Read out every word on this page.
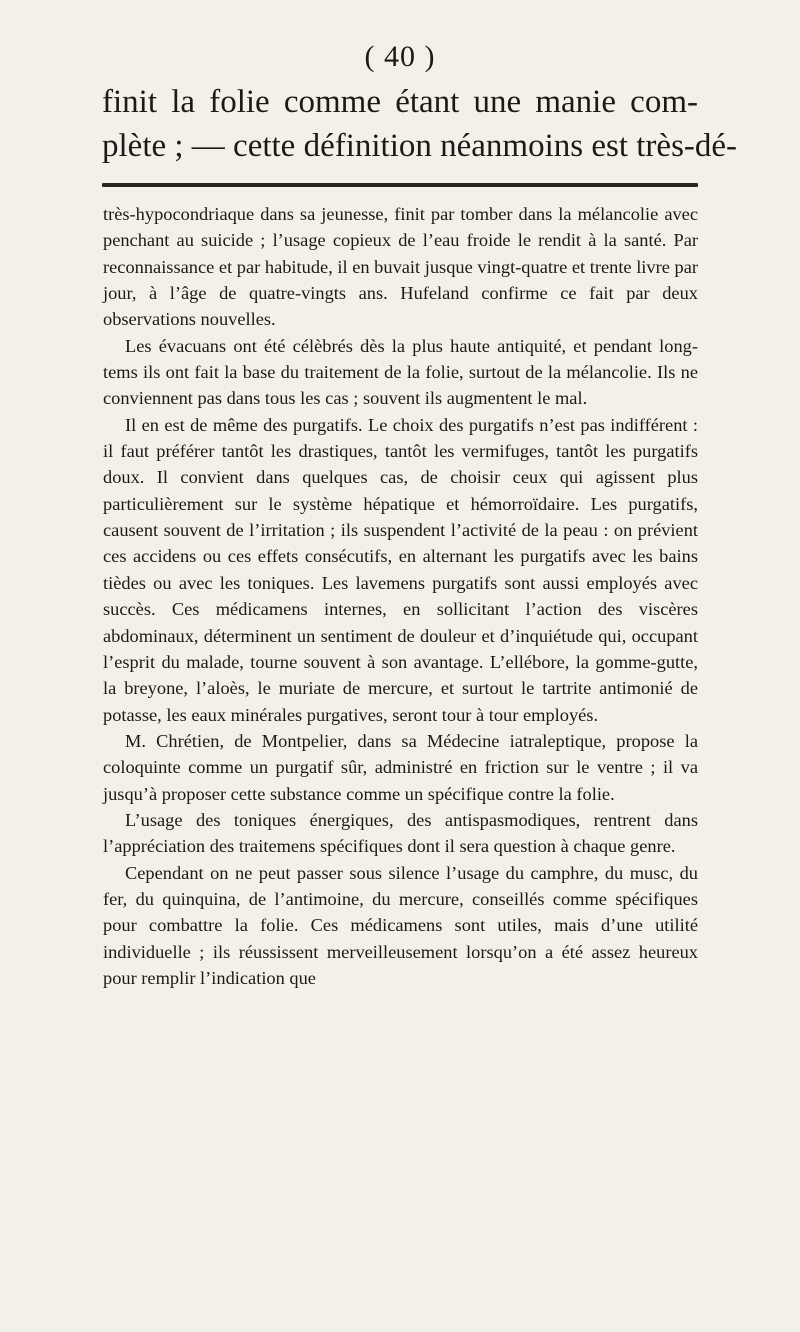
( 40 )

finit la folie comme étant une manie com-

plète ; — cette définition néanmoins est très-dé-

très-hypocondriaque dans sa jeunesse, finit par tomber dans la mélancolie avec penchant au suicide ; l’usage copieux de l’eau froide le rendit à la santé. Par reconnaissance et par habitude, il en buvait jusque vingt-quatre et trente livre par jour, à l’âge de quatre-vingts ans. Hufeland confirme ce fait par deux observations nouvelles.

Les évacuans ont été célèbrés dès la plus haute antiquité, et pendant long-tems ils ont fait la base du traitement de la folie, surtout de la mélancolie. Ils ne conviennent pas dans tous les cas ; souvent ils augmentent le mal.

Il en est de même des purgatifs. Le choix des purgatifs n’est pas indifférent : il faut préférer tantôt les drastiques, tantôt les vermifuges, tantôt les purgatifs doux. Il convient dans quelques cas, de choisir ceux qui agissent plus particulièrement sur le système hépatique et hémorroïdaire. Les purgatifs, causent souvent de l’irritation ; ils suspendent l’activité de la peau : on prévient ces accidens ou ces effets consécutifs, en alternant les purgatifs avec les bains tièdes ou avec les toniques. Les lavemens purgatifs sont aussi employés avec succès. Ces médicamens internes, en sollicitant l’action des viscères abdominaux, déterminent un sentiment de douleur et d’inquiétude qui, occupant l’esprit du malade, tourne souvent à son avantage. L’ellébore, la gomme-gutte, la breyone, l’aloès, le muriate de mercure, et surtout le tartrite antimonié de potasse, les eaux minérales purgatives, seront tour à tour employés.

M. Chrétien, de Montpelier, dans sa Médecine iatraleptique, propose la coloquinte comme un purgatif sûr, administré en friction sur le ventre ; il va jusqu’à proposer cette substance comme un spécifique contre la folie.

L’usage des toniques énergiques, des antispasmodiques, rentrent dans l’appréciation des traitemens spécifiques dont il sera question à chaque genre.

Cependant on ne peut passer sous silence l’usage du camphre, du musc, du fer, du quinquina, de l’antimoine, du mercure, conseillés comme spécifiques pour combattre la folie. Ces médicamens sont utiles, mais d’une utilité individuelle ; ils réussissent merveilleusement lorsqu’on a été assez heureux pour remplir l’indication que
